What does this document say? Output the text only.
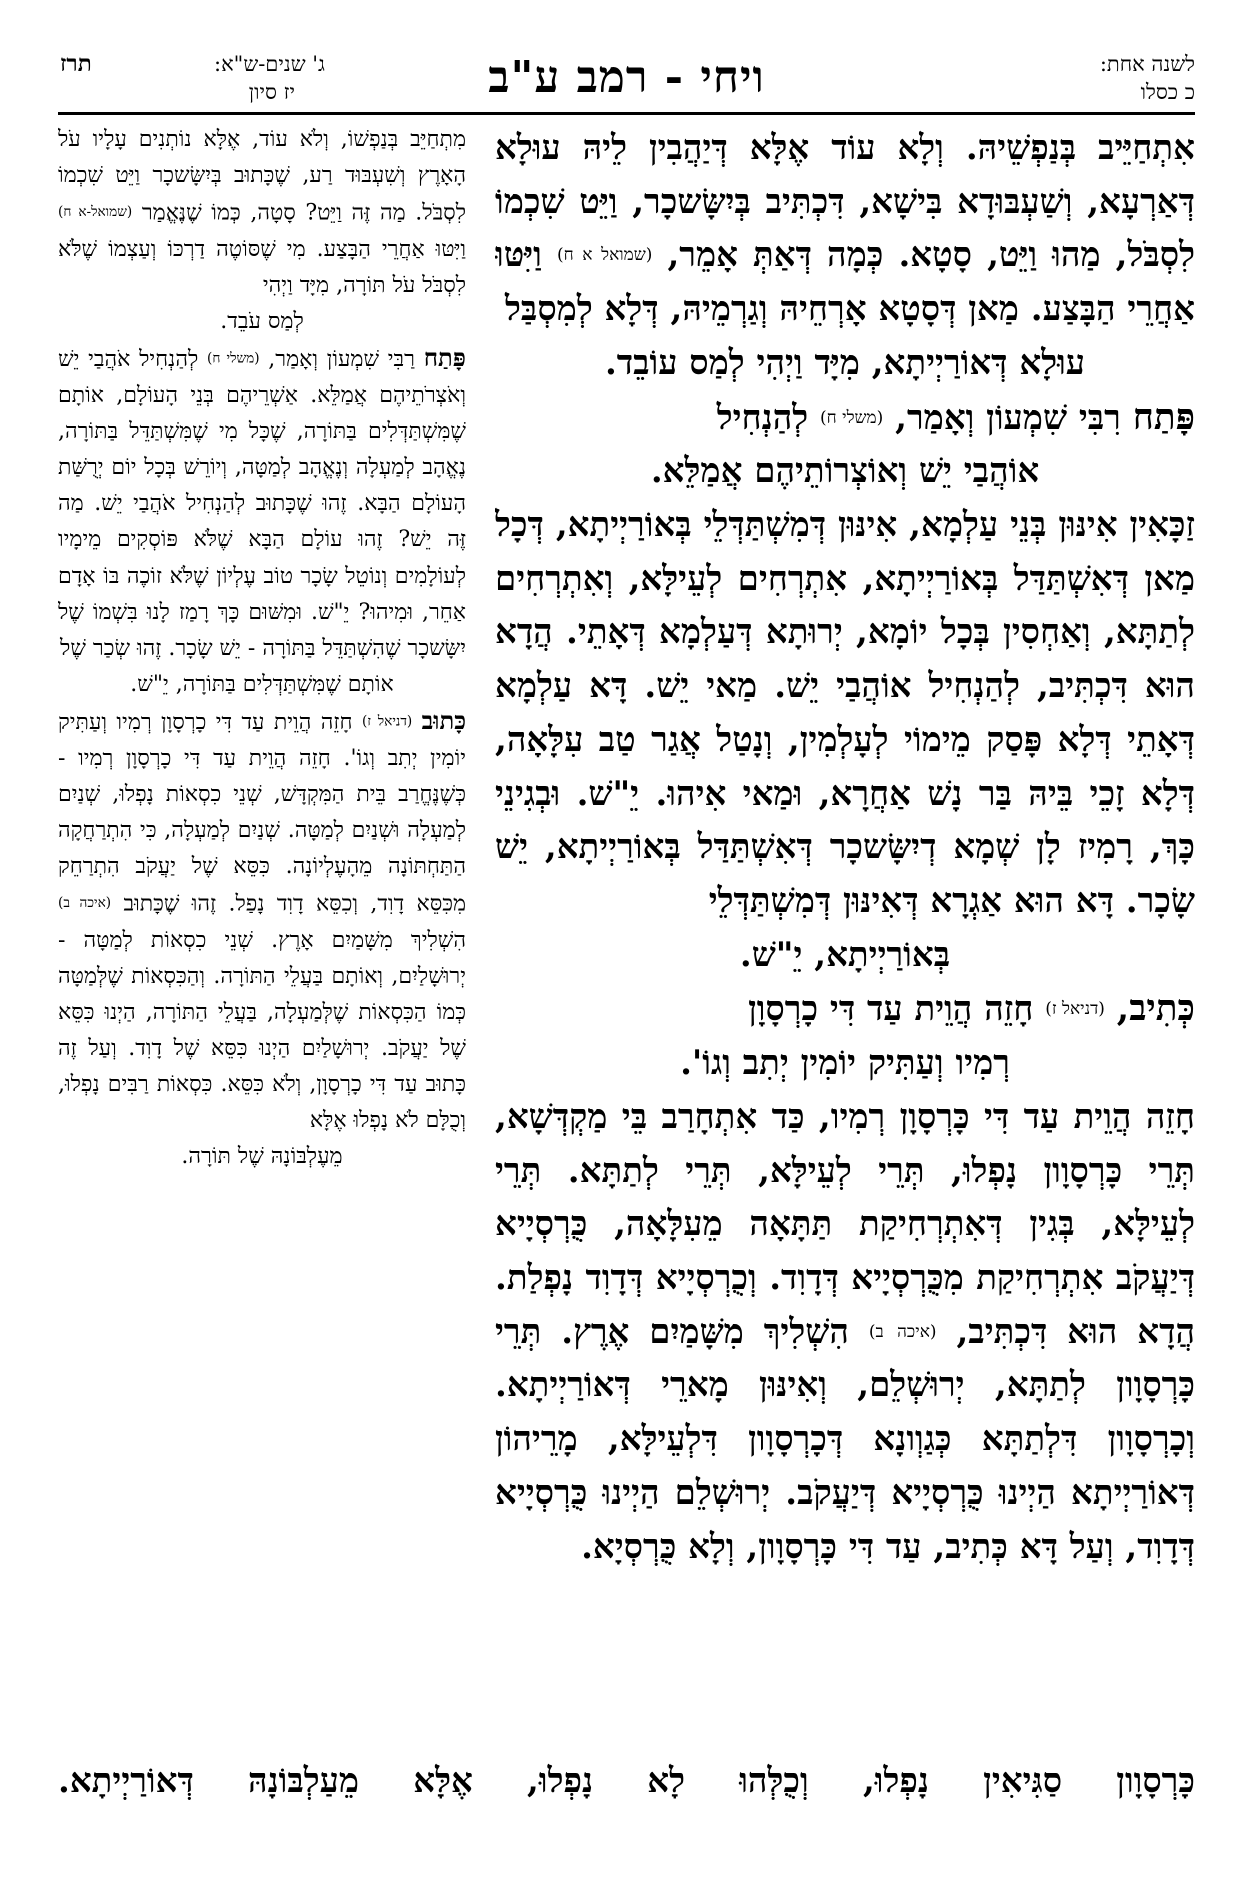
תרז	ג' שנים-ש"א:
יז סיון	ויחי - רמב ע"ב	לשנה אחת:
כ כסלו

אִתְחַיֵּיב בְּנַפְשֵׁיהּ. וְלָא עוֹד אֶלָּא דְּיַהֲבִין לֵיהּ עוּלָא דְּאַרְעָא, וְשַׁעְבּוּדָא בִּישָׁא, דִּכְתִּיב בְּיִשָּׂשכָר, וַיֵּט שִׁכְמוֹ לִסְבֹּל, מַהוּ וַיֵּט, סָטָא. כְּמָה דְּאַתְּ אָמֵר, (שמואל א ח) וַיִּטּוּ אַחֲרֵי הַבָּצַע. מַאן דְּסָטָא אָרְחֵיהּ וְגַרְמֵיהּ, דְּלָא לְמִסְבַּל

עוּלָא דְּאוֹרַיְיתָא, מִיָּד וַיְהִי לְמַס עוֹבֵד.

פָּתַח רִבִּי שִׁמְעוֹן וְאָמַר, (משלי ח) לְהַנְחִיל

אוֹהֲבַי יֵשׁ וְאוֹצְרוֹתֵיהֶם אֲמַלֵּא.

זַכָּאִין אִינּוּן בְּנֵי עַלְמָא, אִינּוּן דְּמִשְׁתַּדְּלֵי בְּאוֹרַיְיתָא, דְּכָל מַאן דְּאִשְׁתַּדַּל בְּאוֹרַיְיתָא, אִתְרְחִים לְעֵילָּא, וְאִתְרְחִים לְתַתָּא, וְאַחְסִין בְּכָל יוֹמָא, יְרוּתָא דְּעַלְמָא דְּאָתֵי. הֲדָא הוּא דִּכְתִּיב, לְהַנְחִיל אוֹהֲבַי יֵשׁ. מַאי יֵשׁ. דָּא עַלְמָא דְּאָתֵי דְּלָא פָּסַק מֵימוֹי לְעָלְמִין, וְנָטַל אֲגַר טַב עִלָּאָה, דְּלָא זָכֵי בֵּיהּ בַּר נָשׁ אַחֲרָא, וּמַאי אִיהוּ. יֵ"שׁ. וּבְגִינֵי כָּךְ, רָמִיז לָן שְׁמָא דְיִשָּׂשכָר דְּאִשְׁתַּדַּל בְּאוֹרַיְיתָא, יֵשׁ שָׂכָר. דָּא הוּא אַגְרָא דְּאִינּוּן דְּמִשְׁתַּדְּלֵי

בְּאוֹרַיְיתָא, יֵ"שׁ.

כְּתִיב, (דניאל ז) חָזֵה הֲוֵית עַד דִּי כָרְסָוָן

רְמִיו וְעַתִּיק יוֹמִין יְתִב וְגוֹ'.

חָזֵה הֲוֵית עַד דִּי כָּרְסָוָן רְמִיו, כַּד אִתְחָרַב בֵּי מַקְדְּשָׁא, תְּרֵי כָּרְסָוָון נָפְלוּ, תְּרֵי לְעֵילָּא, תְּרֵי לְתַתָּא. תְּרֵי לְעֵילָּא, בְּגִין דְּאִתְרְחִיקַת תַּתָּאָה מֵעִלָּאָה, כֻּרְסְיָיא דְּיַעֲקֹב אִתְרְחִיקַת מִכֻּרְסְיָיא דְּדָוִד. וְכֻרְסְיָיא דְּדָוִד נָפְלַת. הֲדָא הוּא דִּכְתִּיב, (איכה ב) הִשְׁלִיךְ מִשָּׁמַיִם אֶרֶץ. תְּרֵי כָּרְסָוָון לְתַתָּא, יְרוּשְׁלֵם, וְאִינּוּן מָארֵי דְּאוֹרַיְיתָא. וְכָרְסָוָון דִּלְתַתָּא כְּגַוְונָא דְּכָרְסָוָון דִּלְעֵילָּא, מָרֵיהוֹן דְּאוֹרַיְיתָא הַיְינוּ כֻּרְסְיָיא דְּיַעֲקֹב. יְרוּשְׁלֵם הַיְינוּ כֻּרְסְיָיא דְּדָוִד, וְעַל דָּא כְּתִיב, עַד דִּי כָּרְסָוָון, וְלָא כֻּרְסְיָא.

מִתְחַיֵּב בְּנַפְשׁוֹ, וְלֹא עוֹד, אֶלָּא נוֹתְנִים עָלָיו עֹל הָאָרֶץ וְשִׁעְבּוּד רַע, שֶׁכָּתוּב בְּיִשָּׂשכָר וַיֵּט שִׁכְמוֹ לִסְבֹּל. מַה זֶּה וַיֵּט? סָטָה, כְּמוֹ שֶׁנֶּאֱמַר (שמואל-א ח) וַיִּטּוּ אַחֲרֵי הַבָּצַע. מִי שֶׁסּוֹטֶה דַרְכּוֹ וְעַצְמוֹ שֶׁלֹּא לִסְבֹּל עֹל תּוֹרָה, מִיָּד וַיְהִי

לְמַס עֹבֵד.

פָּתַח רַבִּי שִׁמְעוֹן וְאָמַר, (משלי ח) לְהַנְחִיל אֹהֲבַי יֵשׁ וְאֹצְרֹתֵיהֶם אֲמַלֵּא. אַשְׁרֵיהֶם בְּנֵי הָעוֹלָם, אוֹתָם שֶׁמִּשְׁתַּדְּלִים בַּתּוֹרָה, שֶׁכָּל מִי שֶׁמִּשְׁתַּדֵּל בַּתּוֹרָה, נֶאֱהָב לְמַעְלָה וְנֶאֱהָב לְמַטָּה, וְיוֹרֵשׁ בְּכָל יוֹם יְרֻשַּׁת הָעוֹלָם הַבָּא. זֶהוּ שֶׁכָּתוּב לְהַנְחִיל אֹהֲבַי יֵשׁ. מַה זֶּה יֵשׁ? זֶהוּ עוֹלָם הַבָּא שֶׁלֹּא פּוֹסְקִים מֵימָיו לְעוֹלָמִים וְנוֹטֵל שָׂכָר טוֹב עֶלְיוֹן שֶׁלֹּא זוֹכֶה בּוֹ אָדָם אַחֵר, וּמִיהוּ? יֵ"שׁ. וּמִשּׁוּם כָּךְ רָמַז לָנוּ בִּשְׁמוֹ שֶׁל יִשָּׂשכָר שֶׁהִשְׁתַּדֵּל בַּתּוֹרָה - יֵשׁ שָׂכָר. זֶהוּ שְׂכַר שֶׁל

אוֹתָם שֶׁמִּשְׁתַּדְּלִים בַּתּוֹרָה, יֵ"שׁ.

כָּתוּב (דניאל ז) חָזֵה הֲוֵית עַד דִּי כָרְסָוָן רְמִיו וְעַתִּיק יוֹמִין יְתִב וְגוֹ'. חָזֵה הֲוֵית עַד דִּי כָרְסָוָן רְמִיו - כְּשֶׁנֶּחֱרַב בֵּית הַמִּקְדָּשׁ, שְׁנֵי כִסְאוֹת נָפְלוּ, שְׁנַיִם לְמַעְלָה וּשְׁנַיִם לְמַטָּה. שְׁנַיִם לְמַעְלָה, כִּי הִתְרַחֲקָה הַתַּחְתּוֹנָה מֵהָעֶלְיוֹנָה. כִּסֵּא שֶׁל יַעֲקֹב הִתְרַחֵק מִכִּסֵּא דָוִד, וְכִסֵּא דָוִד נָפַל. זֶהוּ שֶׁכָּתוּב (איכה ב) הִשְׁלִיךְ מִשָּׁמַיִם אָרֶץ. שְׁנֵי כִסְאוֹת לְמַטָּה - יְרוּשָׁלַיִם, וְאוֹתָם בַּעֲלֵי הַתּוֹרָה. וְהַכִּסְאוֹת שֶׁלְּמַטָּה כְּמוֹ הַכִּסְאוֹת שֶׁלְּמַעְלָה, בַּעֲלֵי הַתּוֹרָה, הַיְנוּ כִּסֵּא שֶׁל יַעֲקֹב. יְרוּשָׁלַיִם הַיְנוּ כִּסֵּא שֶׁל דָוִד. וְעַל זֶה כָּתוּב עַד דִּי כָרְסָוָן, וְלֹא כִּסֵּא. כִּסְאוֹת רַבִּים נָפְלוּ, וְכֻלָּם לֹא נָפְלוּ אֶלָּא

מֵעֶלְבּוֹנָהּ שֶׁל תּוֹרָה.

כָּרְסָוָון סַגִּיאִין נָפְלוּ, וְכֻלְּהוּ לָא נָפְלוּ, אֶלָּא מֵעַלְבּוֹנָהּ דְּאוֹרַיְיתָא.
